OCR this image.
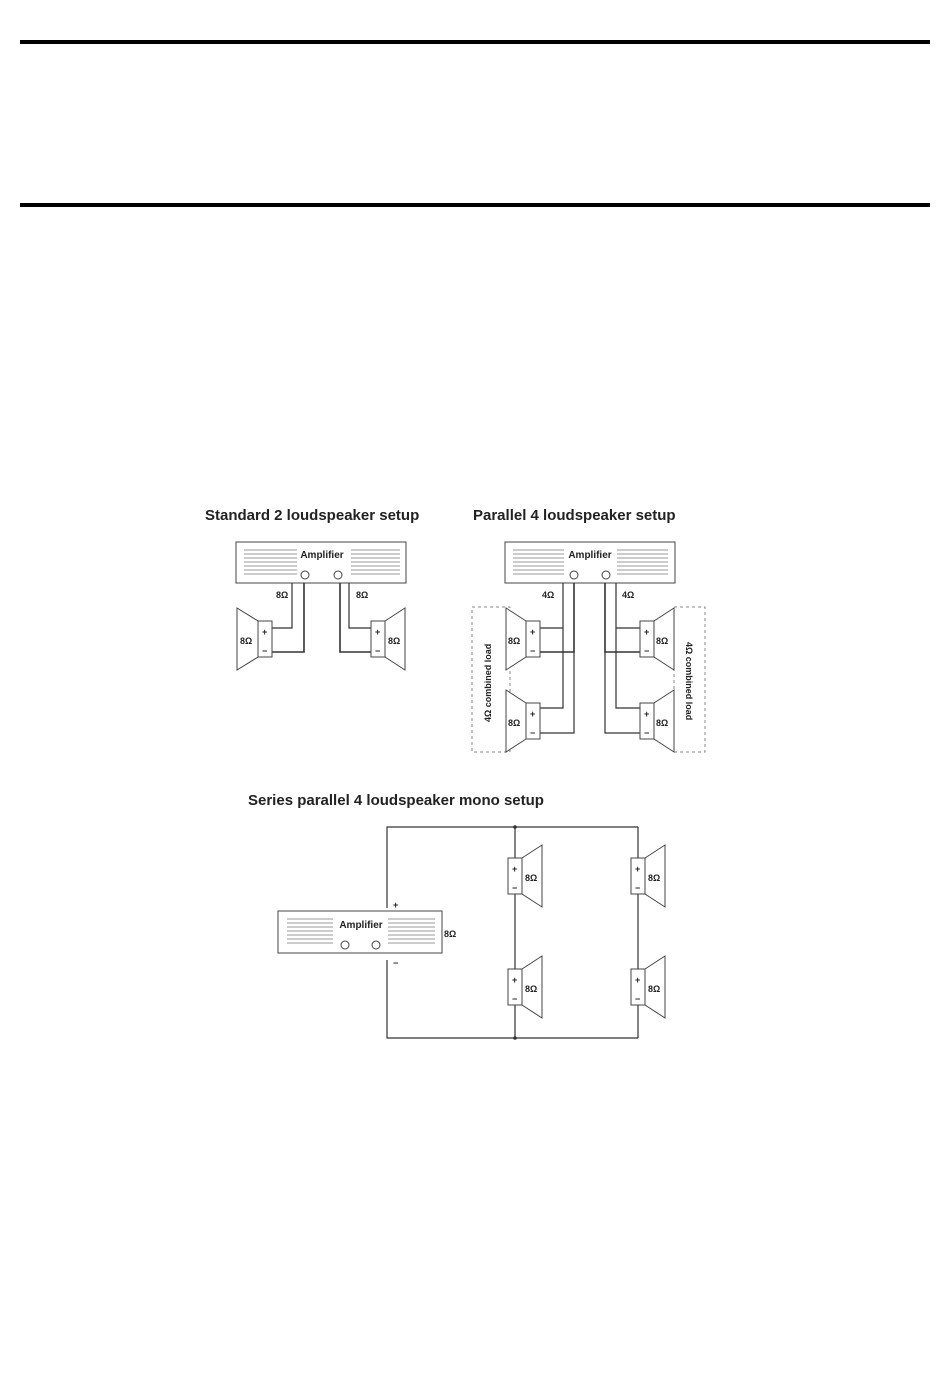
Standard 2 loudspeaker setup
Amplifier
8Ω	8Ω
+
−
8Ω
+
−
8Ω
Parallel 4 loudspeaker setup
Amplifier
4Ω	4Ω
4Ω combined load	4Ω combined load
+
−
8Ω
+
−
8Ω
+
−
8Ω
+
−
8Ω
Series parallel 4 loudspeaker mono setup
Amplifier
+
−
8Ω
+
−
8Ω
+
−
8Ω
+
−
8Ω
+
−
8Ω
